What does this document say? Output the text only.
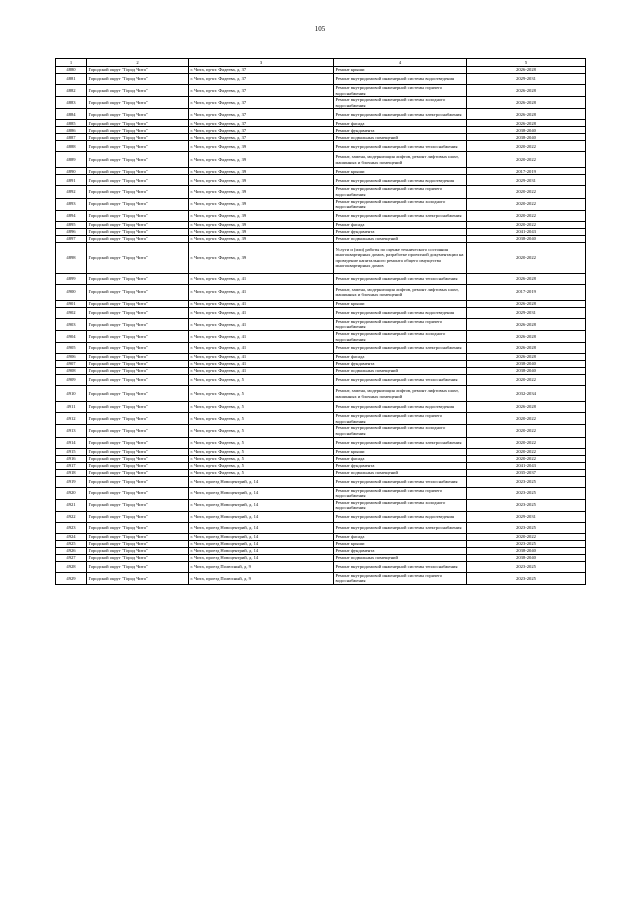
105
1	2	3	4	5
4880	Городской округ "Город Чита"	г. Чита, пр-кт. Фадеева, д. 37	Ремонт крыши	2026-2028
4881	Городской округ "Город Чита"	г. Чита, пр-кт. Фадеева, д. 37	Ремонт внутридомовой инженерной системы водоотведения	2029-2031
4882	Городской округ "Город Чита"	г. Чита, пр-кт. Фадеева, д. 37	Ремонт внутридомовой инженерной системы горячего водоснабжения	2026-2028
4883	Городской округ "Город Чита"	г. Чита, пр-кт. Фадеева, д. 37	Ремонт внутридомовой инженерной системы холодного водоснабжения	2026-2028
4884	Городской округ "Город Чита"	г. Чита, пр-кт. Фадеева, д. 37	Ремонт внутридомовой инженерной системы электроснабжения	2026-2028
4885	Городской округ "Город Чита"	г. Чита, пр-кт. Фадеева, д. 37	Ремонт фасада	2026-2028
4886	Городской округ "Город Чита"	г. Чита, пр-кт. Фадеева, д. 37	Ремонт фундамента	2038-2040
4887	Городской округ "Город Чита"	г. Чита, пр-кт. Фадеева, д. 37	Ремонт подвальных помещений	2038-2040
4888	Городской округ "Город Чита"	г. Чита, пр-кт. Фадеева, д. 39	Ремонт внутридомовой инженерной системы теплоснабжения	2020-2022
4889	Городской округ "Город Чита"	г. Чита, пр-кт. Фадеева, д. 39	Ремонт, замена, модернизация лифтов, ремонт лифтовых шахт, машинных и блочных помещений	2020-2022
4890	Городской округ "Город Чита"	г. Чита, пр-кт. Фадеева, д. 39	Ремонт крыши	2017-2019
4891	Городской округ "Город Чита"	г. Чита, пр-кт. Фадеева, д. 39	Ремонт внутридомовой инженерной системы водоотведения	2029-2031
4892	Городской округ "Город Чита"	г. Чита, пр-кт. Фадеева, д. 39	Ремонт внутридомовой инженерной системы горячего водоснабжения	2020-2022
4893	Городской округ "Город Чита"	г. Чита, пр-кт. Фадеева, д. 39	Ремонт внутридомовой инженерной системы холодного водоснабжения	2020-2022
4894	Городской округ "Город Чита"	г. Чита, пр-кт. Фадеева, д. 39	Ремонт внутридомовой инженерной системы электроснабжения	2020-2022
4895	Городской округ "Город Чита"	г. Чита, пр-кт. Фадеева, д. 39	Ремонт фасада	2020-2022
4896	Городской округ "Город Чита"	г. Чита, пр-кт. Фадеева, д. 39	Ремонт фундамента	2041-2043
4897	Городской округ "Город Чита"	г. Чита, пр-кт. Фадеева, д. 39	Ремонт подвальных помещений	2038-2040
4898	Городской округ "Город Чита"	г. Чита, пр-кт. Фадеева, д. 39	Услуги и (или) работы по оценке технического состояния многоквартирных домов, разработке проектной документации на проведение капитального ремонта общего имущества многоквартирных домов	2020-2022
4899	Городской округ "Город Чита"	г. Чита, пр-кт. Фадеева, д. 41	Ремонт внутридомовой инженерной системы теплоснабжения	2026-2028
4900	Городской округ "Город Чита"	г. Чита, пр-кт. Фадеева, д. 41	Ремонт, замена, модернизация лифтов, ремонт лифтовых шахт, машинных и блочных помещений	2017-2019
4901	Городской округ "Город Чита"	г. Чита, пр-кт. Фадеева, д. 41	Ремонт крыши	2026-2028
4902	Городской округ "Город Чита"	г. Чита, пр-кт. Фадеева, д. 41	Ремонт внутридомовой инженерной системы водоотведения	2029-2031
4903	Городской округ "Город Чита"	г. Чита, пр-кт. Фадеева, д. 41	Ремонт внутридомовой инженерной системы горячего водоснабжения	2026-2028
4904	Городской округ "Город Чита"	г. Чита, пр-кт. Фадеева, д. 41	Ремонт внутридомовой инженерной системы холодного водоснабжения	2026-2028
4905	Городской округ "Город Чита"	г. Чита, пр-кт. Фадеева, д. 41	Ремонт внутридомовой инженерной системы электроснабжения	2026-2028
4906	Городской округ "Город Чита"	г. Чита, пр-кт. Фадеева, д. 41	Ремонт фасада	2026-2028
4907	Городской округ "Город Чита"	г. Чита, пр-кт. Фадеева, д. 41	Ремонт фундамента	2038-2040
4908	Городской округ "Город Чита"	г. Чита, пр-кт. Фадеева, д. 41	Ремонт подвальных помещений	2038-2040
4909	Городской округ "Город Чита"	г. Чита, пр-кт. Фадеева, д. 5	Ремонт внутридомовой инженерной системы теплоснабжения	2020-2022
4910	Городской округ "Город Чита"	г. Чита, пр-кт. Фадеева, д. 5	Ремонт, замена, модернизация лифтов, ремонт лифтовых шахт, машинных и блочных помещений	2032-2034
4911	Городской округ "Город Чита"	г. Чита, пр-кт. Фадеева, д. 5	Ремонт внутридомовой инженерной системы водоотведения	2026-2028
4912	Городской округ "Город Чита"	г. Чита, пр-кт. Фадеева, д. 5	Ремонт внутридомовой инженерной системы горячего водоснабжения	2020-2022
4913	Городской округ "Город Чита"	г. Чита, пр-кт. Фадеева, д. 5	Ремонт внутридомовой инженерной системы холодного водоснабжения	2020-2022
4914	Городской округ "Город Чита"	г. Чита, пр-кт. Фадеева, д. 5	Ремонт внутридомовой инженерной системы электроснабжения	2020-2022
4915	Городской округ "Город Чита"	г. Чита, пр-кт. Фадеева, д. 5	Ремонт крыши	2020-2022
4916	Городской округ "Город Чита"	г. Чита, пр-кт. Фадеева, д. 5	Ремонт фасада	2020-2022
4917	Городской округ "Город Чита"	г. Чита, пр-кт. Фадеева, д. 5	Ремонт фундамента	2041-2043
4918	Городской округ "Город Чита"	г. Чита, пр-кт. Фадеева, д. 5	Ремонт подвальных помещений	2035-2037
4919	Городской округ "Город Чита"	г. Чита, проезд Новоцентрий, д. 14	Ремонт внутридомовой инженерной системы теплоснабжения	2023-2025
4920	Городской округ "Город Чита"	г. Чита, проезд Новоцентрий, д. 14	Ремонт внутридомовой инженерной системы горячего водоснабжения	2023-2025
4921	Городской округ "Город Чита"	г. Чита, проезд Новоцентрий, д. 14	Ремонт внутридомовой инженерной системы холодного водоснабжения	2023-2025
4922	Городской округ "Город Чита"	г. Чита, проезд Новоцентрий, д. 14	Ремонт внутридомовой инженерной системы водоотведения	2029-2031
4923	Городской округ "Город Чита"	г. Чита, проезд Новоцентрий, д. 14	Ремонт внутридомовой инженерной системы электроснабжения	2023-2025
4924	Городской округ "Город Чита"	г. Чита, проезд Новоцентрий, д. 14	Ремонт фасада	2020-2022
4925	Городской округ "Город Чита"	г. Чита, проезд Новоцентрий, д. 14	Ремонт крыши	2023-2025
4926	Городской округ "Город Чита"	г. Чита, проезд Новоцентрий, д. 14	Ремонт фундамента	2038-2040
4927	Городской округ "Город Чита"	г. Чита, проезд Новоцентрий, д. 14	Ремонт подвальных помещений	2038-2040
4928	Городской округ "Город Чита"	г. Чита, проезд Полюсный, д. 9	Ремонт внутридомовой инженерной системы теплоснабжения	2023-2025
4929	Городской округ "Город Чита"	г. Чита, проезд Полюсный, д. 9	Ремонт внутридомовой инженерной системы горячего водоснабжения	2023-2025
